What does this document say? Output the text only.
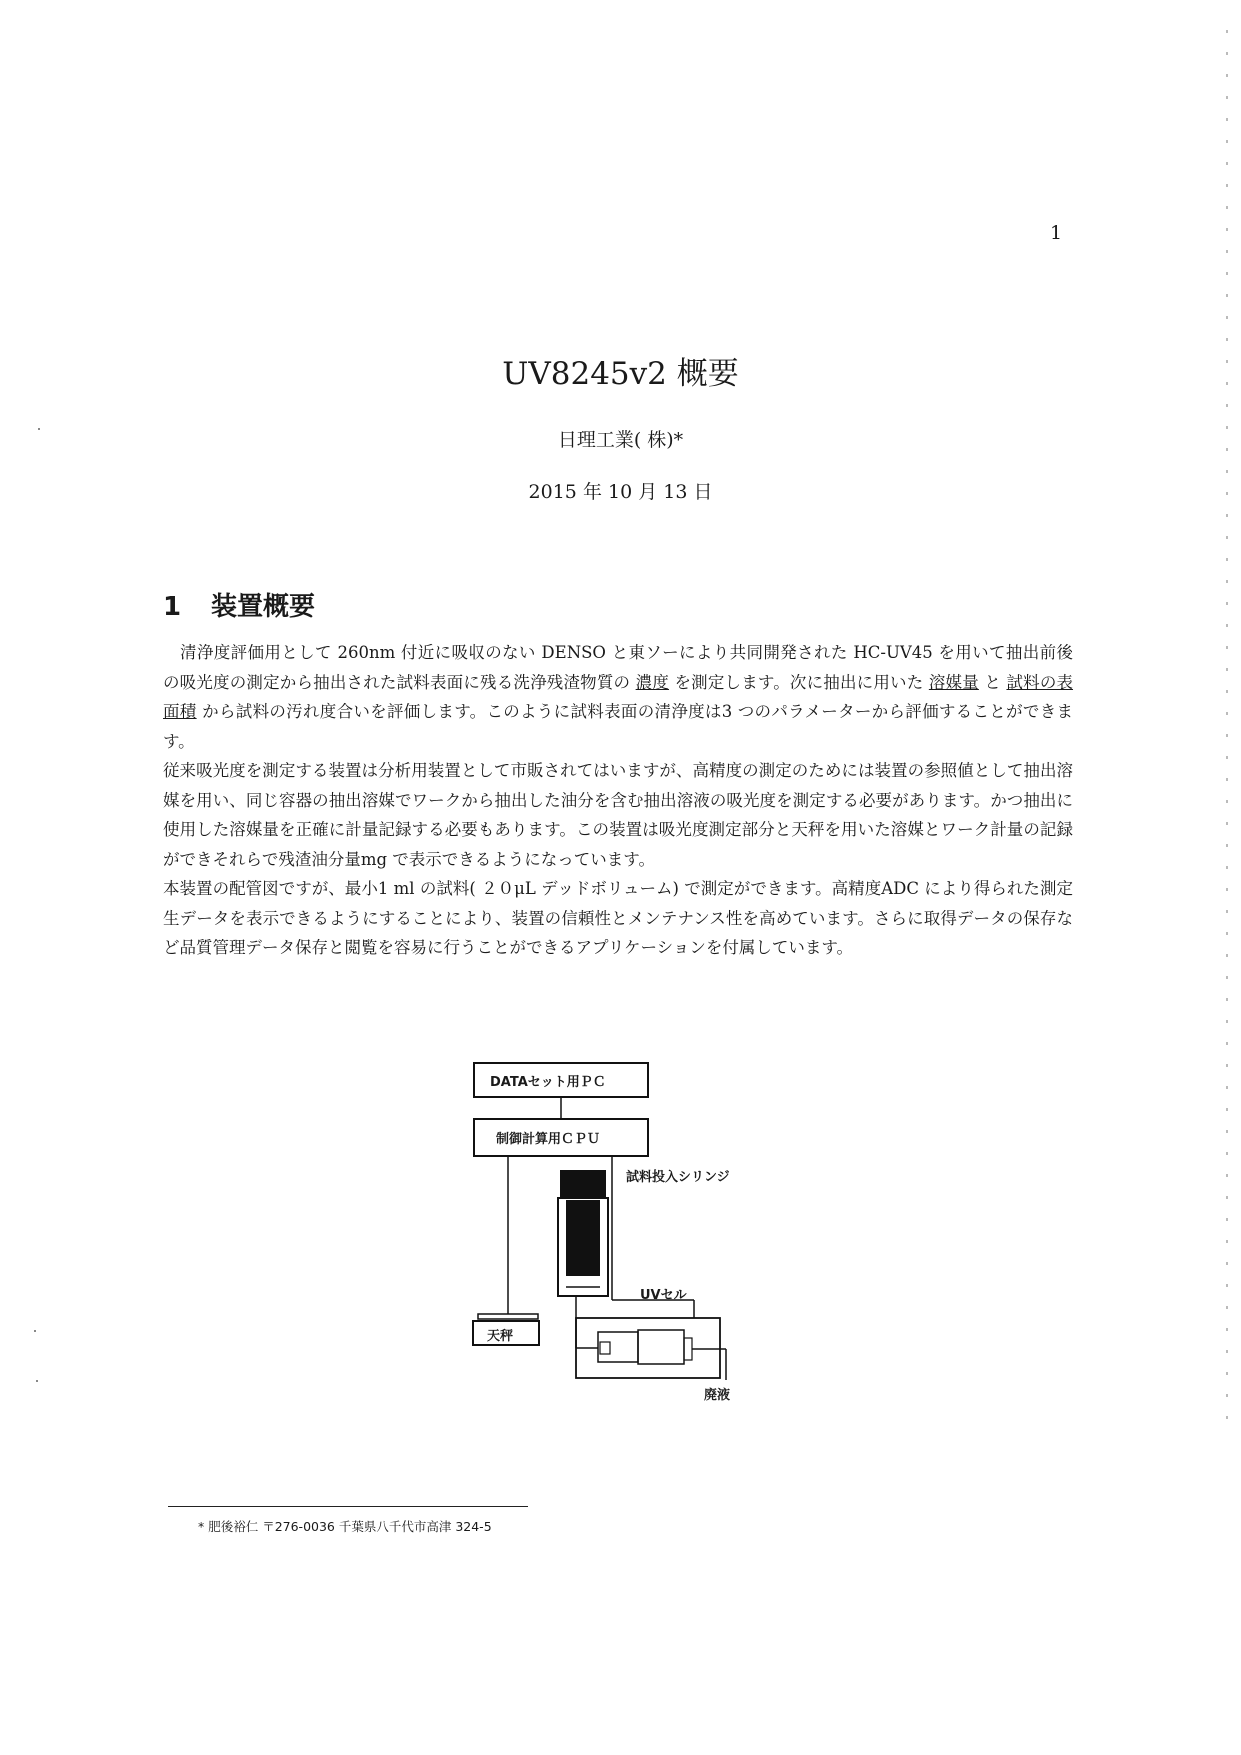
1
UV8245v2 概要
日理工業( 株)*
2015 年 10 月 13 日
1 装置概要

清浄度評価用として 260nm 付近に吸収のない DENSO と東ソーにより共同開発された HC-UV45 を用いて抽出前後の吸光度の測定から抽出された試料表面に残る洗浄残渣物質の 濃度 を測定します。次に抽出に用いた 溶媒量 と 試料の表面積 から試料の汚れ度合いを評価します。このように試料表面の清浄度は3 つのパラメーターから評価することができます。

従来吸光度を測定する装置は分析用装置として市販されてはいますが、高精度の測定のためには装置の参照値として抽出溶媒を用い、同じ容器の抽出溶媒でワークから抽出した油分を含む抽出溶液の吸光度を測定する必要があります。かつ抽出に使用した溶媒量を正確に計量記録する必要もあります。この装置は吸光度測定部分と天秤を用いた溶媒とワーク計量の記録ができそれらで残渣油分量mg で表示できるようになっています。

本装置の配管図ですが、最小1 ml の試料( ２０μL デッドボリューム) で測定ができます。高精度ADC により得られた測定生データを表示できるようにすることにより、装置の信頼性とメンテナンス性を高めています。さらに取得データの保存など品質管理データ保存と閲覧を容易に行うことができるアプリケーションを付属しています。

DATAセット用ＰＣ
制御計算用ＣＰＵ
試料投入シリンジ
UVセル
天秤
廃液
* 肥後裕仁 〒276-0036 千葉県八千代市高津 324-5
